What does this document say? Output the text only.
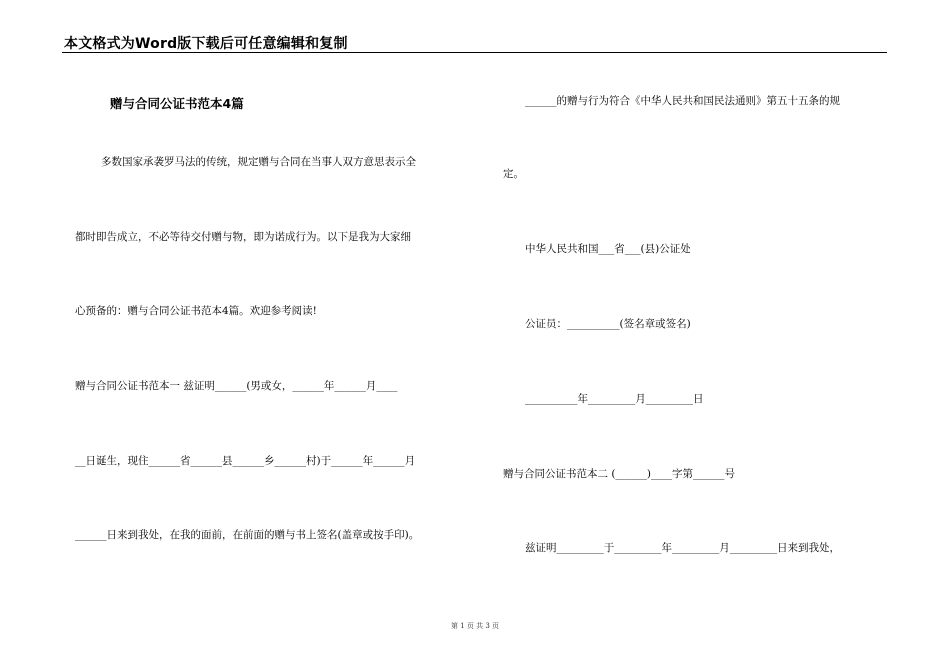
本文格式为Word版下载后可任意编辑和复制
赠与合同公证书范本4篇
多数国家承袭罗马法的传统，规定赠与合同在当事人双方意思表示全
都时即告成立，不必等待交付赠与物，即为诺成行为。以下是我为大家细
心预备的：赠与合同公证书范本4篇。欢迎参考阅读!
赠与合同公证书范本一 兹证明______(男或女，______年______月____
__日诞生，现住______省______县______乡______村)于______年______月
______日来到我处，在我的面前，在前面的赠与书上签名(盖章或按手印)。
______的赠与行为符合《中华人民共和国民法通则》第五十五条的规
定。
中华人民共和国___省___(县)公证处
公证员：__________(签名章或签名)
__________年_________月_________日
赠与合同公证书范本二 (______)____字第______号
兹证明_________于_________年_________月_________日来到我处，
第 1 页 共 3 页
